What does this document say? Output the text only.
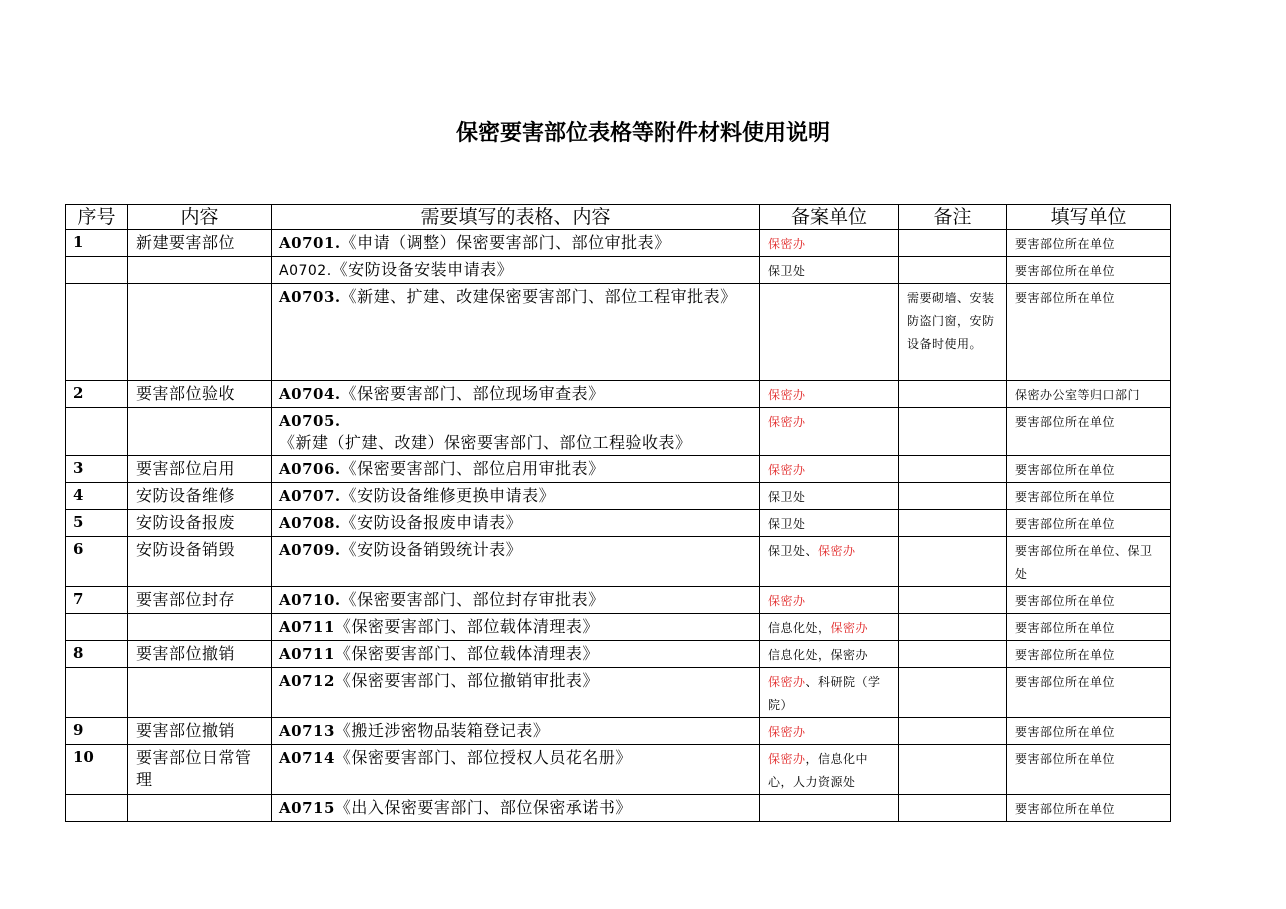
保密要害部位表格等附件材料使用说明
序号	内容	需要填写的表格、内容	备案单位	备注	填写单位
1	新建要害部位	A0701.《申请（调整）保密要害部门、部位审批表》	保密办		要害部位所在单位
		A0702.《安防设备安装申请表》	保卫处		要害部位所在单位
		A0703.《新建、扩建、改建保密要害部门、部位工程审批表》		需要砌墙、安装防盗门窗，安防设备时使用。	要害部位所在单位
2	要害部位验收	A0704.《保密要害部门、部位现场审查表》	保密办		保密办公室等归口部门
		A0705.《新建（扩建、改建）保密要害部门、部位工程验收表》	保密办		要害部位所在单位
3	要害部位启用	A0706.《保密要害部门、部位启用审批表》	保密办		要害部位所在单位
4	安防设备维修	A0707.《安防设备维修更换申请表》	保卫处		要害部位所在单位
5	安防设备报废	A0708.《安防设备报废申请表》	保卫处		要害部位所在单位
6	安防设备销毁	A0709.《安防设备销毁统计表》	保卫处、保密办		要害部位所在单位、保卫处
7	要害部位封存	A0710.《保密要害部门、部位封存审批表》	保密办		要害部位所在单位
		A0711《保密要害部门、部位载体清理表》	信息化处，保密办		要害部位所在单位
8	要害部位撤销	A0711《保密要害部门、部位载体清理表》	信息化处，保密办		要害部位所在单位
		A0712《保密要害部门、部位撤销审批表》	保密办、科研院（学院）		要害部位所在单位
9	要害部位撤销	A0713《搬迁涉密物品装箱登记表》	保密办		要害部位所在单位
10	要害部位日常管理	A0714《保密要害部门、部位授权人员花名册》	保密办，信息化中心，人力资源处		要害部位所在单位
		A0715《出入保密要害部门、部位保密承诺书》			要害部位所在单位
